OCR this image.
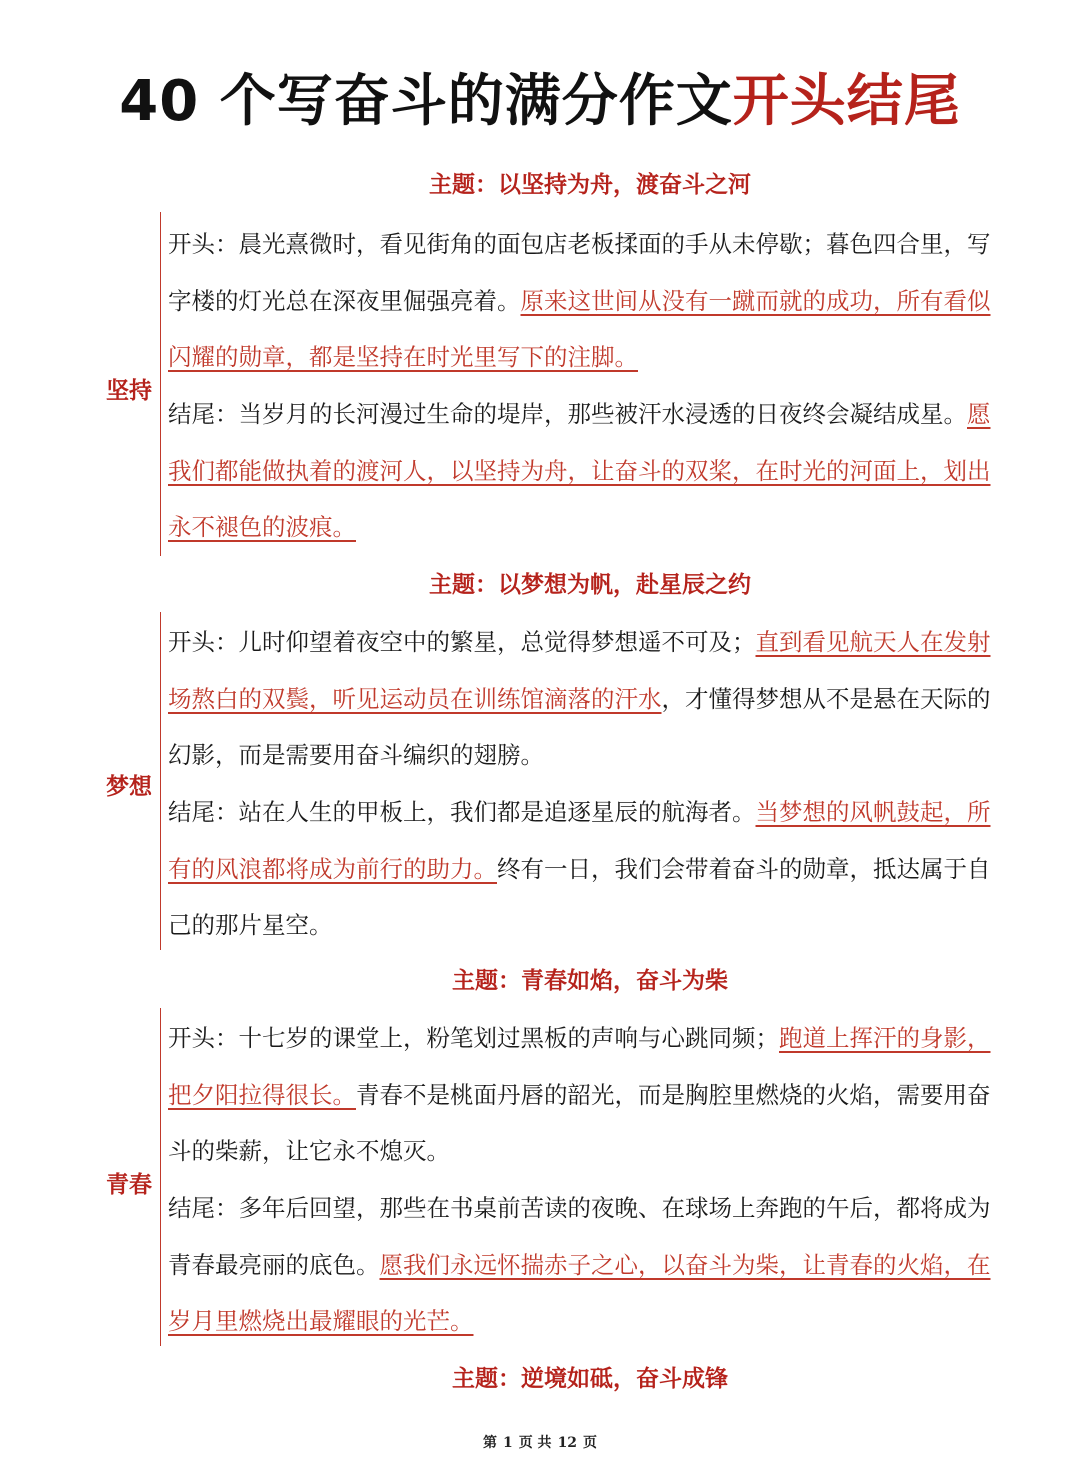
40 个写奋斗的满分作文开头结尾
主题：以坚持为舟，渡奋斗之河
坚持

开头：晨光熹微时，看见街角的面包店老板揉面的手从未停歇；暮色四合里，写字楼的灯光总在深夜里倔强亮着。原来这世间从没有一蹴而就的成功，所有看似闪耀的勋章，都是坚持在时光里写下的注脚。

结尾：当岁月的长河漫过生命的堤岸，那些被汗水浸透的日夜终会凝结成星。愿我们都能做执着的渡河人，以坚持为舟，让奋斗的双桨，在时光的河面上，划出永不褪色的波痕。

主题：以梦想为帆，赴星辰之约
梦想

开头：儿时仰望着夜空中的繁星，总觉得梦想遥不可及；直到看见航天人在发射场熬白的双鬓，听见运动员在训练馆滴落的汗水，才懂得梦想从不是悬在天际的幻影，而是需要用奋斗编织的翅膀。

结尾：站在人生的甲板上，我们都是追逐星辰的航海者。当梦想的风帆鼓起，所有的风浪都将成为前行的助力。终有一日，我们会带着奋斗的勋章，抵达属于自己的那片星空。

主题：青春如焰，奋斗为柴
青春

开头：十七岁的课堂上，粉笔划过黑板的声响与心跳同频；跑道上挥汗的身影，把夕阳拉得很长。青春不是桃面丹唇的韶光，而是胸腔里燃烧的火焰，需要用奋斗的柴薪，让它永不熄灭。

结尾：多年后回望，那些在书桌前苦读的夜晚、在球场上奔跑的午后，都将成为青春最亮丽的底色。愿我们永远怀揣赤子之心，以奋斗为柴，让青春的火焰，在岁月里燃烧出最耀眼的光芒。

主题：逆境如砥，奋斗成锋
第 1 页 共 12 页
